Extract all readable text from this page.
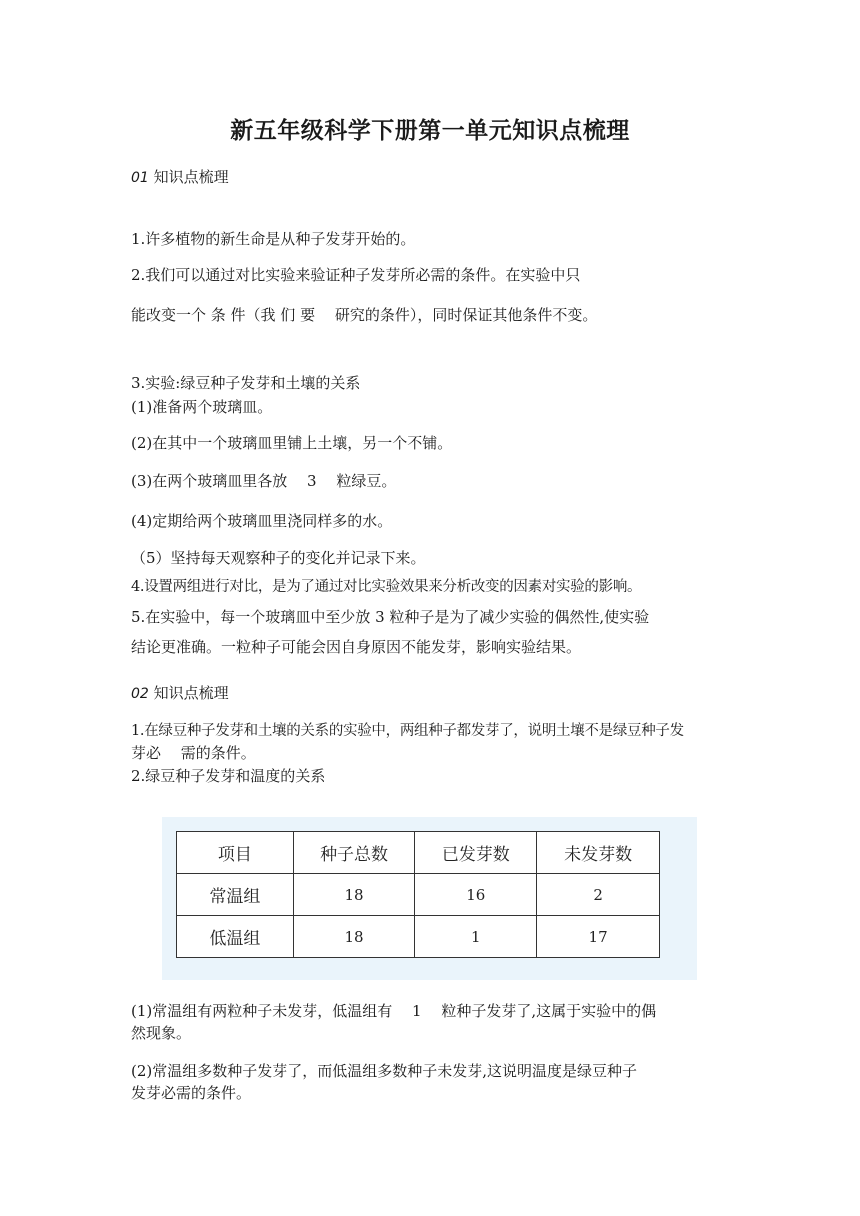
新五年级科学下册第一单元知识点梳理
01 知识点梳理
1.许多植物的新生命是从种子发芽开始的。
2.我们可以通过对比实验来验证种子发芽所必需的条件。在实验中只
能改变一个 条 件（我 们 要 　研究的条件），同时保证其他条件不变。
3.实验:绿豆种子发芽和土壤的关系
(1)准备两个玻璃皿。
(2)在其中一个玻璃皿里铺上土壤，另一个不铺。
(3)在两个玻璃皿里各放 　3　 粒绿豆。
(4)定期给两个玻璃皿里浇同样多的水。
（5）坚持每天观察种子的变化并记录下来。
4.设置两组进行对比，是为了通过对比实验效果来分析改变的因素对实验的影响。
5.在实验中，每一个玻璃皿中至少放 3 粒种子是为了减少实验的偶然性,使实验
结论更准确。一粒种子可能会因自身原因不能发芽，影响实验结果。
02 知识点梳理
1.在绿豆种子发芽和土壤的关系的实验中，两组种子都发芽了，说明土壤不是绿豆种子发
芽必 　需的条件。
2.绿豆种子发芽和温度的关系
项目	种子总数	已发芽数	未发芽数
常温组	18	16	2
低温组	18	1	17
(1)常温组有两粒种子未发芽，低温组有 　1　 粒种子发芽了,这属于实验中的偶
然现象。
(2)常温组多数种子发芽了，而低温组多数种子未发芽,这说明温度是绿豆种子
发芽必需的条件。
